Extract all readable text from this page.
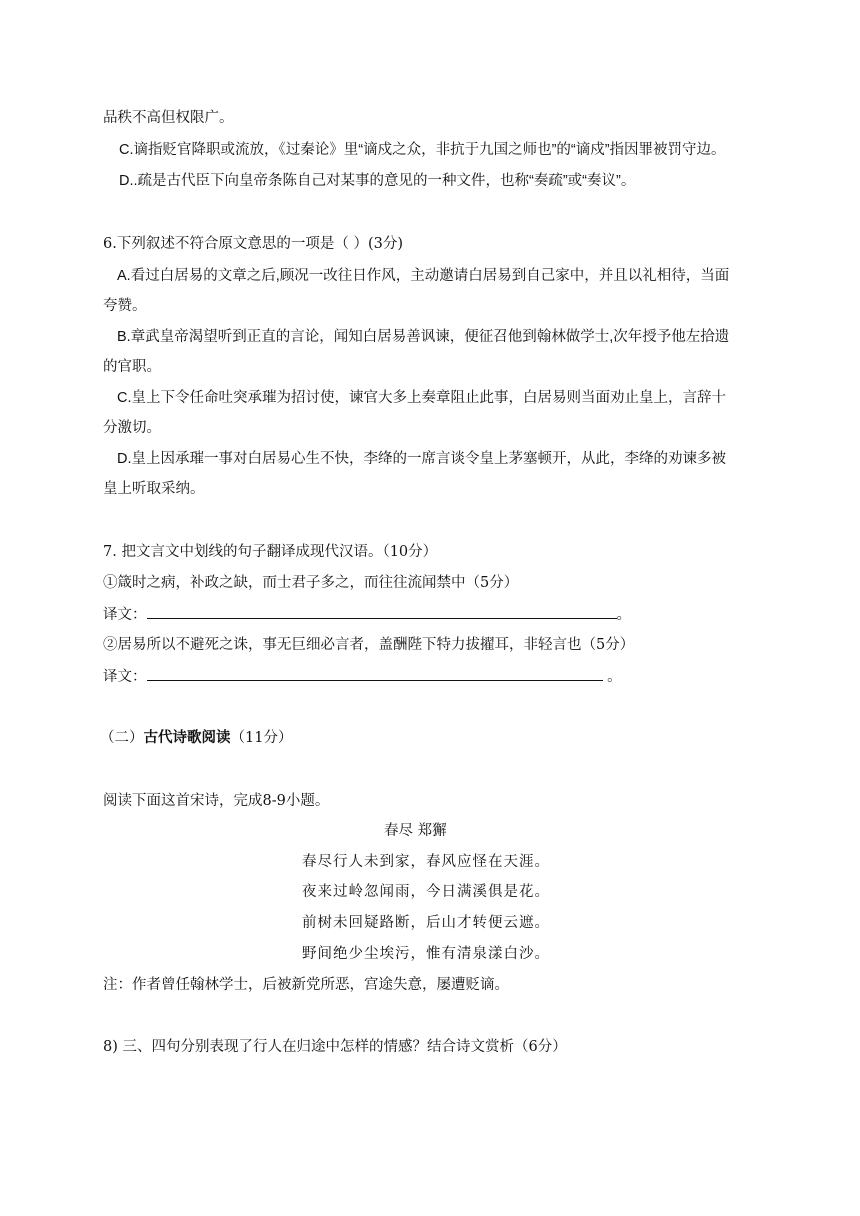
品秩不高但权限广。
C.谪指贬官降职或流放，《过秦论》里“谪戍之众，非抗于九国之师也”的“谪戍”指因罪被罚守边。
D..疏是古代臣下向皇帝条陈自己对某事的意见的一种文件，也称“奏疏”或“奏议”。
6.下列叙述不符合原文意思的一项是（ ）(3分)
A.看过白居易的文章之后,顾况一改往日作风，主动邀请白居易到自己家中，并且以礼相待，当面
夸赞。
B.章武皇帝渴望听到正直的言论，闻知白居易善讽谏，便征召他到翰林做学士,次年授予他左拾遗
的官职。
C.皇上下令任命吐突承璀为招讨使，谏官大多上奏章阻止此事，白居易则当面劝止皇上，言辞十
分激切。
D.皇上因承璀一事对白居易心生不快，李绛的一席言谈令皇上茅塞顿开，从此，李绛的劝谏多被
皇上听取采纳。
7. 把文言文中划线的句子翻译成现代汉语。（10分）
①箴时之病，补政之缺，而士君子多之，而往往流闻禁中（5分）
译文：	。
②居易所以不避死之诛，事无巨细必言者，盖酬陛下特力拔擢耳，非轻言也（5分）
译文：	。
（二）古代诗歌阅读（11分）
阅读下面这首宋诗，完成8-9小题。
春尽 郑獬
春尽行人未到家，春风应怪在天涯。
夜来过岭忽闻雨，今日满溪俱是花。
前树未回疑路断，后山才转便云遮。
野间绝少尘埃污，惟有清泉漾白沙。
注：作者曾任翰林学士，后被新党所恶，宫途失意，屡遭贬谪。
8) 三、四句分别表现了行人在归途中怎样的情感？结合诗文赏析（6分）
